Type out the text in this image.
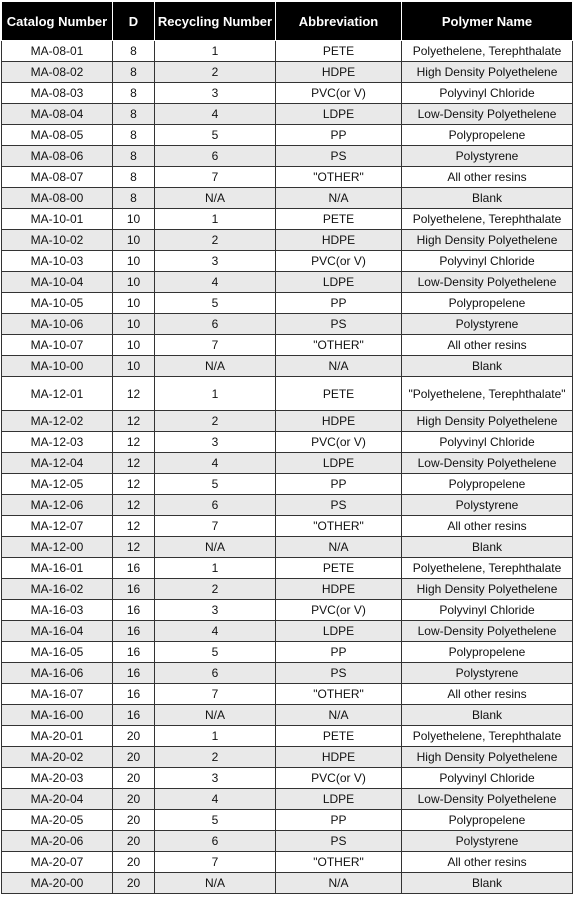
Catalog Number	D	Recycling Number	Abbreviation	Polymer Name
MA-08-01	8	1	PETE	Polyethelene, Terephthalate
MA-08-02	8	2	HDPE	High Density Polyethelene
MA-08-03	8	3	PVC(or V)	Polyvinyl Chloride
MA-08-04	8	4	LDPE	Low-Density Polyethelene
MA-08-05	8	5	PP	Polypropelene
MA-08-06	8	6	PS	Polystyrene
MA-08-07	8	7	"OTHER"	All other resins
MA-08-00	8	N/A	N/A	Blank
MA-10-01	10	1	PETE	Polyethelene, Terephthalate
MA-10-02	10	2	HDPE	High Density Polyethelene
MA-10-03	10	3	PVC(or V)	Polyvinyl Chloride
MA-10-04	10	4	LDPE	Low-Density Polyethelene
MA-10-05	10	5	PP	Polypropelene
MA-10-06	10	6	PS	Polystyrene
MA-10-07	10	7	"OTHER"	All other resins
MA-10-00	10	N/A	N/A	Blank
MA-12-01	12	1	PETE	"Polyethelene, Terephthalate"
MA-12-02	12	2	HDPE	High Density Polyethelene
MA-12-03	12	3	PVC(or V)	Polyvinyl Chloride
MA-12-04	12	4	LDPE	Low-Density Polyethelene
MA-12-05	12	5	PP	Polypropelene
MA-12-06	12	6	PS	Polystyrene
MA-12-07	12	7	"OTHER"	All other resins
MA-12-00	12	N/A	N/A	Blank
MA-16-01	16	1	PETE	Polyethelene, Terephthalate
MA-16-02	16	2	HDPE	High Density Polyethelene
MA-16-03	16	3	PVC(or V)	Polyvinyl Chloride
MA-16-04	16	4	LDPE	Low-Density Polyethelene
MA-16-05	16	5	PP	Polypropelene
MA-16-06	16	6	PS	Polystyrene
MA-16-07	16	7	"OTHER"	All other resins
MA-16-00	16	N/A	N/A	Blank
MA-20-01	20	1	PETE	Polyethelene, Terephthalate
MA-20-02	20	2	HDPE	High Density Polyethelene
MA-20-03	20	3	PVC(or V)	Polyvinyl Chloride
MA-20-04	20	4	LDPE	Low-Density Polyethelene
MA-20-05	20	5	PP	Polypropelene
MA-20-06	20	6	PS	Polystyrene
MA-20-07	20	7	"OTHER"	All other resins
MA-20-00	20	N/A	N/A	Blank
